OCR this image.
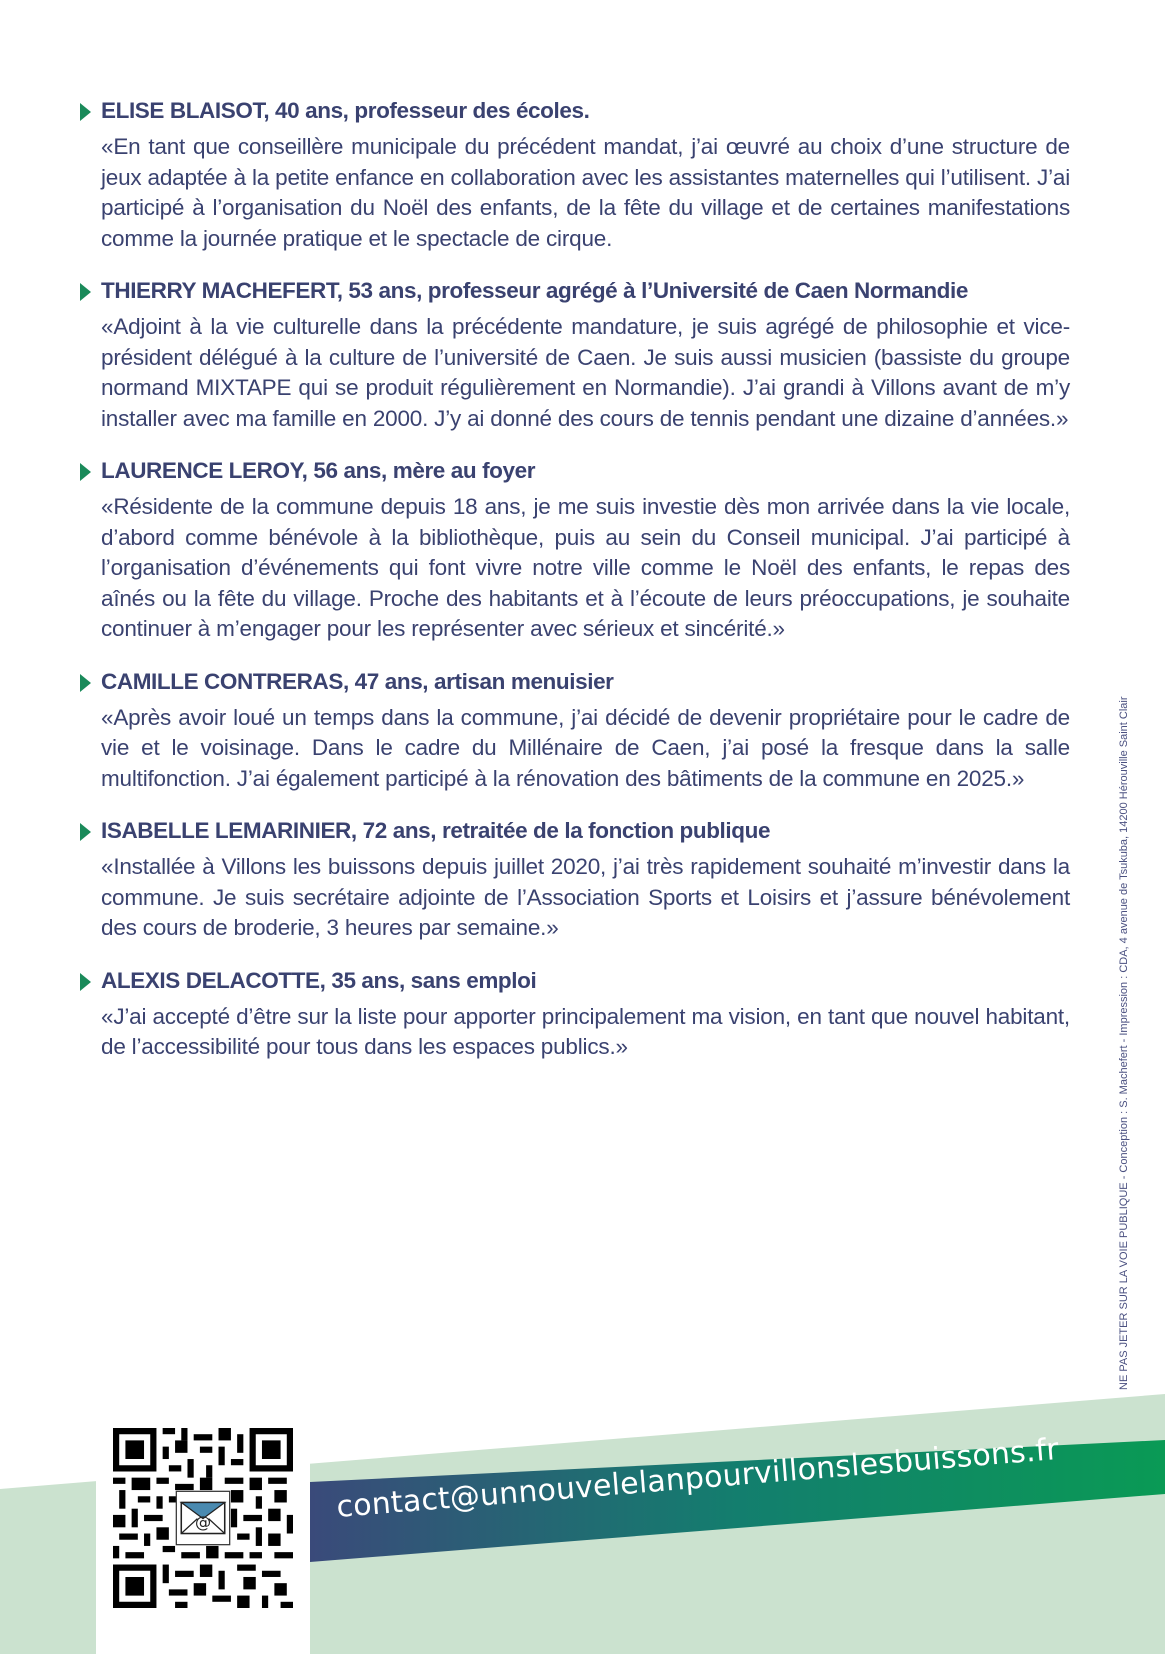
ELISE BLAISOT, 40 ans, professeur des écoles.
«En tant que conseillère municipale du précédent mandat, j’ai œuvré au choix d’une structure de jeux adaptée à la petite enfance en collaboration avec les assistantes maternelles qui l’utilisent. J’ai participé à l’organisation du Noël des enfants, de la fête du village et de certaines manifestations comme la journée pratique et le spectacle de cirque.
THIERRY MACHEFERT, 53 ans, professeur agrégé à l’Université de Caen Normandie
«Adjoint à la vie culturelle dans la précédente mandature, je suis agrégé de philosophie et vice-président délégué à la culture de l’université de Caen. Je suis aussi musicien (bassiste du groupe normand MIXTAPE qui se produit régulièrement en Normandie). J’ai grandi à Villons avant de m’y installer avec ma famille en 2000. J’y ai donné des cours de tennis pendant une dizaine d’années.»
LAURENCE LEROY, 56 ans, mère au foyer
«Résidente de la commune depuis 18 ans, je me suis investie dès mon arrivée dans la vie locale, d’abord comme bénévole à la bibliothèque, puis au sein du Conseil municipal. J’ai participé à l’organisation d’événements qui font vivre notre ville comme le Noël des enfants, le repas des aînés ou la fête du village. Proche des habitants et à l’écoute de leurs préoccupations, je souhaite continuer à m’engager pour les représenter avec sérieux et sincérité.»
CAMILLE CONTRERAS, 47 ans, artisan menuisier
«Après avoir loué un temps dans la commune, j’ai décidé de devenir propriétaire pour le cadre de vie et le voisinage. Dans le cadre du Millénaire de Caen, j’ai posé la fresque dans la salle multifonction. J’ai également participé à la rénovation des bâtiments de la commune en 2025.»
ISABELLE LEMARINIER, 72 ans, retraitée de la fonction publique
«Installée à Villons les buissons depuis juillet 2020, j’ai très rapidement souhaité m’investir dans la commune. Je suis secrétaire adjointe de l’Association Sports et Loisirs et j’assure bénévolement des cours de broderie, 3 heures par semaine.»
ALEXIS DELACOTTE, 35 ans, sans emploi
«J’ai accepté d’être sur la liste pour apporter principalement ma vision, en tant que nouvel habitant, de l’accessibilité pour tous dans les espaces publics.»
@	contact@unnouvelelanpourvillonslesbuissons.fr
NE PAS JETER SUR LA VOIE PUBLIQUE - Conception : S. Machefert - Impression : CDA, 4 avenue de Tsukuba, 14200 Hérouville Saint Clair
